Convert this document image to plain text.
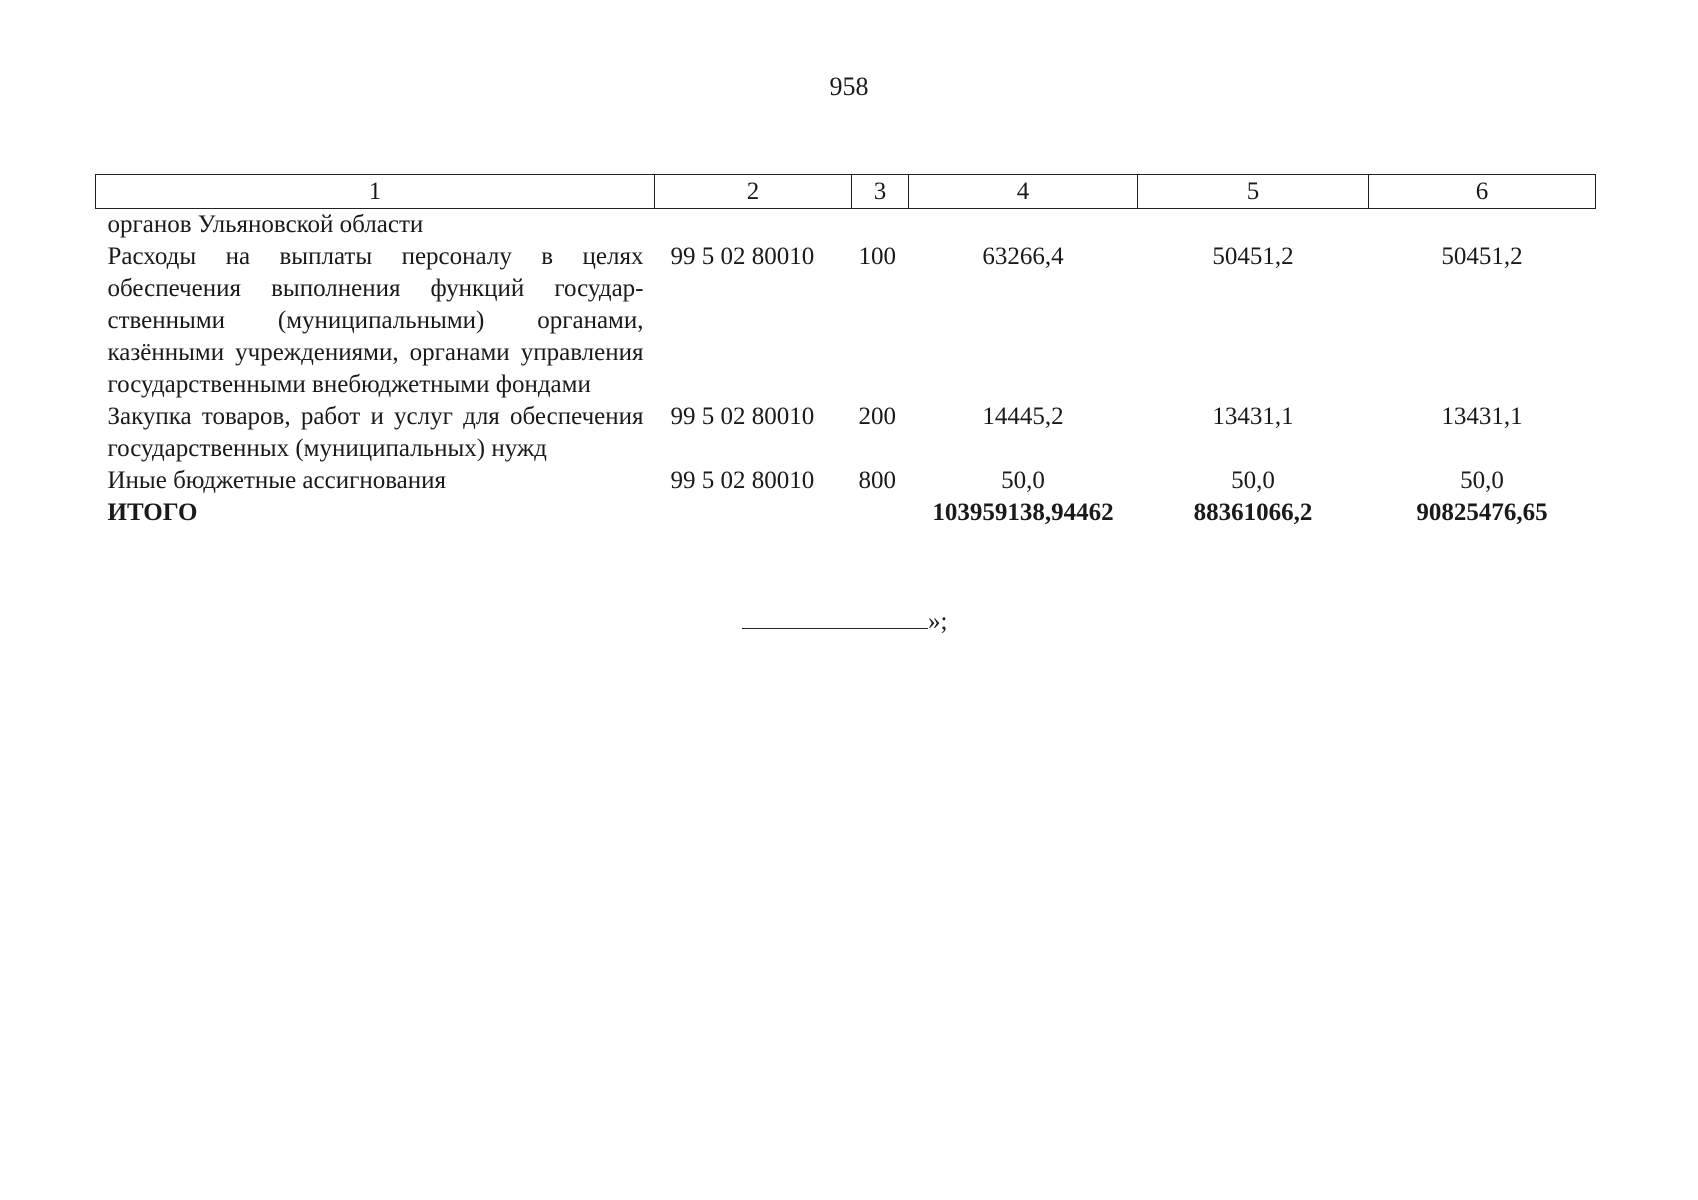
958
1	2	3	4	5	6
органов Ульяновской области					
Расходы на выплаты персоналу в целях обеспечения выполнения функций государственными (муниципальными) органами, казёнными учреждениями, органами управления государственными внебюджетными фондами	99 5 02 80010	100	63266,4	50451,2	50451,2
Закупка товаров, работ и услуг для обеспечения государственных (муниципальных) нужд	99 5 02 80010	200	14445,2	13431,1	13431,1
Иные бюджетные ассигнования	99 5 02 80010	800	50,0	50,0	50,0
ИТОГО			103959138,94462	88361066,2	90825476,65
»;
